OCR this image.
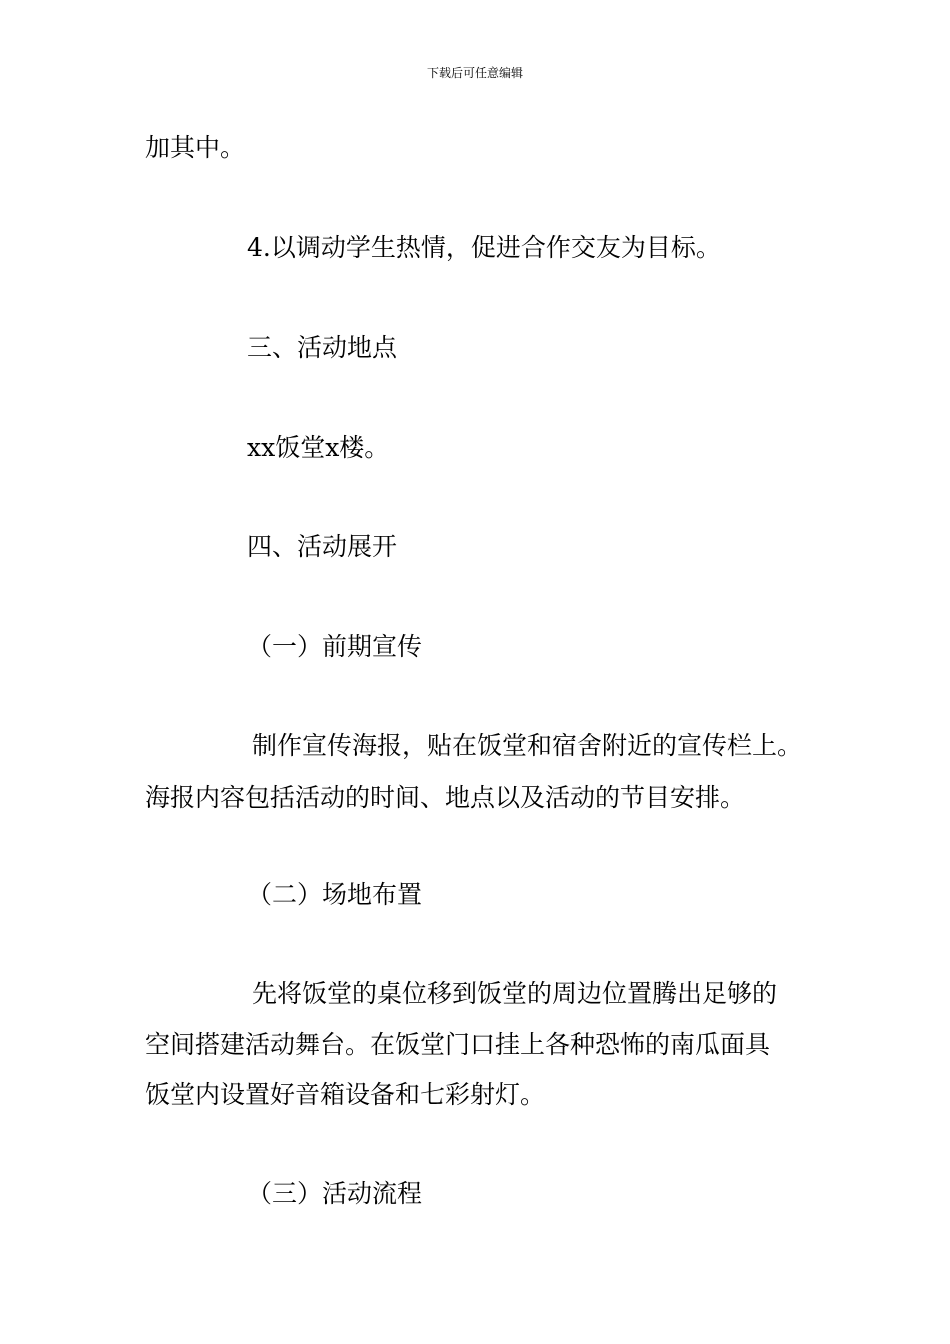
下载后可任意编辑
加其中。
4.以调动学生热情，促进合作交友为目标。
三、活动地点
xx饭堂x楼。
四、活动展开
（一）前期宣传
制作宣传海报，贴在饭堂和宿舍附近的宣传栏上。
海报内容包括活动的时间、地点以及活动的节目安排。
（二）场地布置
先将饭堂的桌位移到饭堂的周边位置腾出足够的
空间搭建活动舞台。在饭堂门口挂上各种恐怖的南瓜面具
饭堂内设置好音箱设备和七彩射灯。
（三）活动流程
